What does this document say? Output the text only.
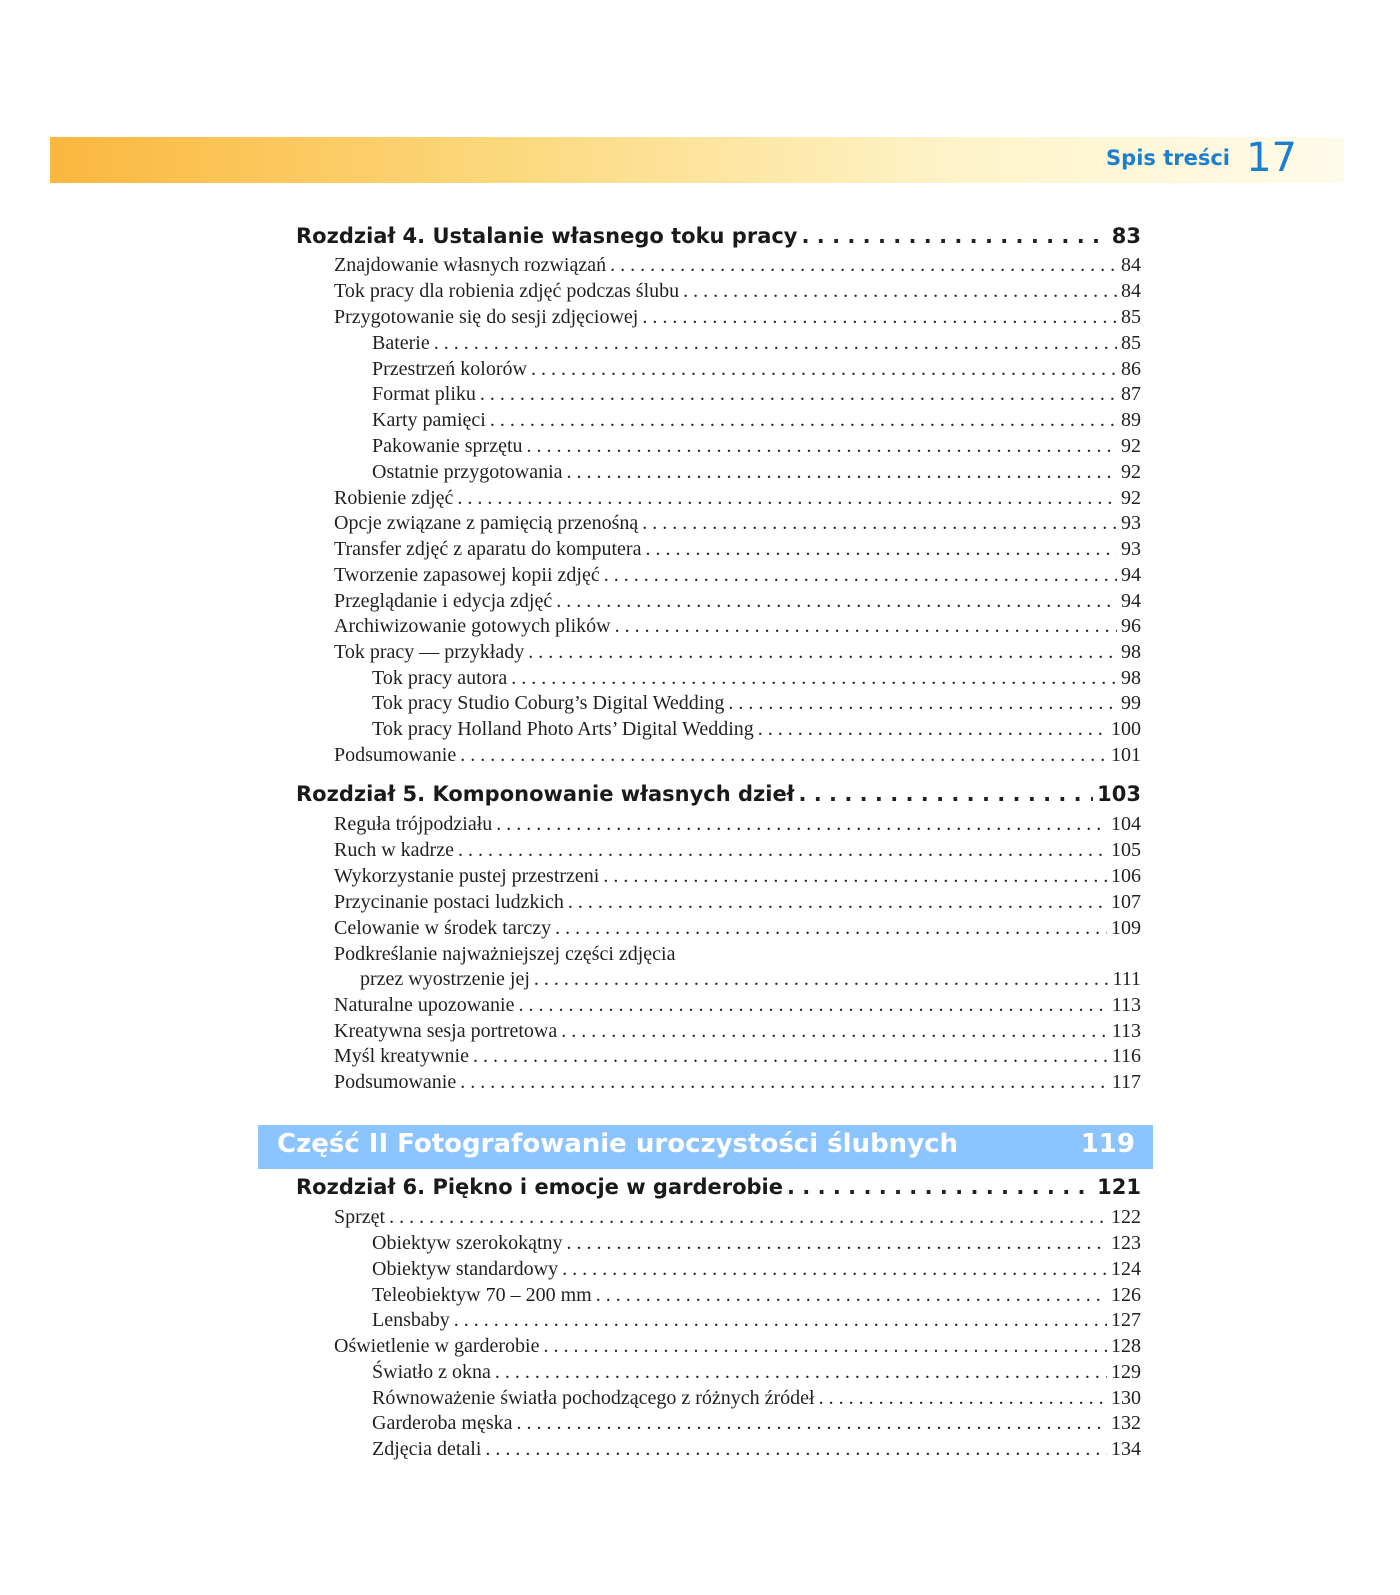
Spis treści 17
Rozdział 4. Ustalanie własnego toku pracy . . .	83
Znajdowanie własnych rozwiązań . . .	84
Tok pracy dla robienia zdjęć podczas ślubu . . .	84
Przygotowanie się do sesji zdjęciowej . . .	85
Baterie . . .	85
Przestrzeń kolorów . . .	86
Format pliku . . .	87
Karty pamięci . . .	89
Pakowanie sprzętu . . .	92
Ostatnie przygotowania . . .	92
Robienie zdjęć . . .	92
Opcje związane z pamięcią przenośną . . .	93
Transfer zdjęć z aparatu do komputera . . .	93
Tworzenie zapasowej kopii zdjęć . . .	94
Przeglądanie i edycja zdjęć . . .	94
Archiwizowanie gotowych plików . . .	96
Tok pracy — przykłady . . .	98
Tok pracy autora . . .	98
Tok pracy Studio Coburg’s Digital Wedding . . .	99
Tok pracy Holland Photo Arts’ Digital Wedding . . .	100
Podsumowanie . . .	101
Rozdział 5. Komponowanie własnych dzieł . . .	103
Reguła trójpodziału . . .	104
Ruch w kadrze . . .	105
Wykorzystanie pustej przestrzeni . . .	106
Przycinanie postaci ludzkich . . .	107
Celowanie w środek tarczy . . .	109
Podkreślanie najważniejszej części zdjęcia
przez wyostrzenie jej . . .	111
Naturalne upozowanie . . .	113
Kreatywna sesja portretowa . . .	113
Myśl kreatywnie . . .	116
Podsumowanie . . .	117
Część II Fotografowanie uroczystości ślubnych	119
Rozdział 6. Piękno i emocje w garderobie . . .	121
Sprzęt . . .	122
Obiektyw szerokokątny . . .	123
Obiektyw standardowy . . .	124
Teleobiektyw 70 – 200 mm . . .	126
Lensbaby . . .	127
Oświetlenie w garderobie . . .	128
Światło z okna . . .	129
Równoważenie światła pochodzącego z różnych źródeł . . .	130
Garderoba męska . . .	132
Zdjęcia detali . . .	134
